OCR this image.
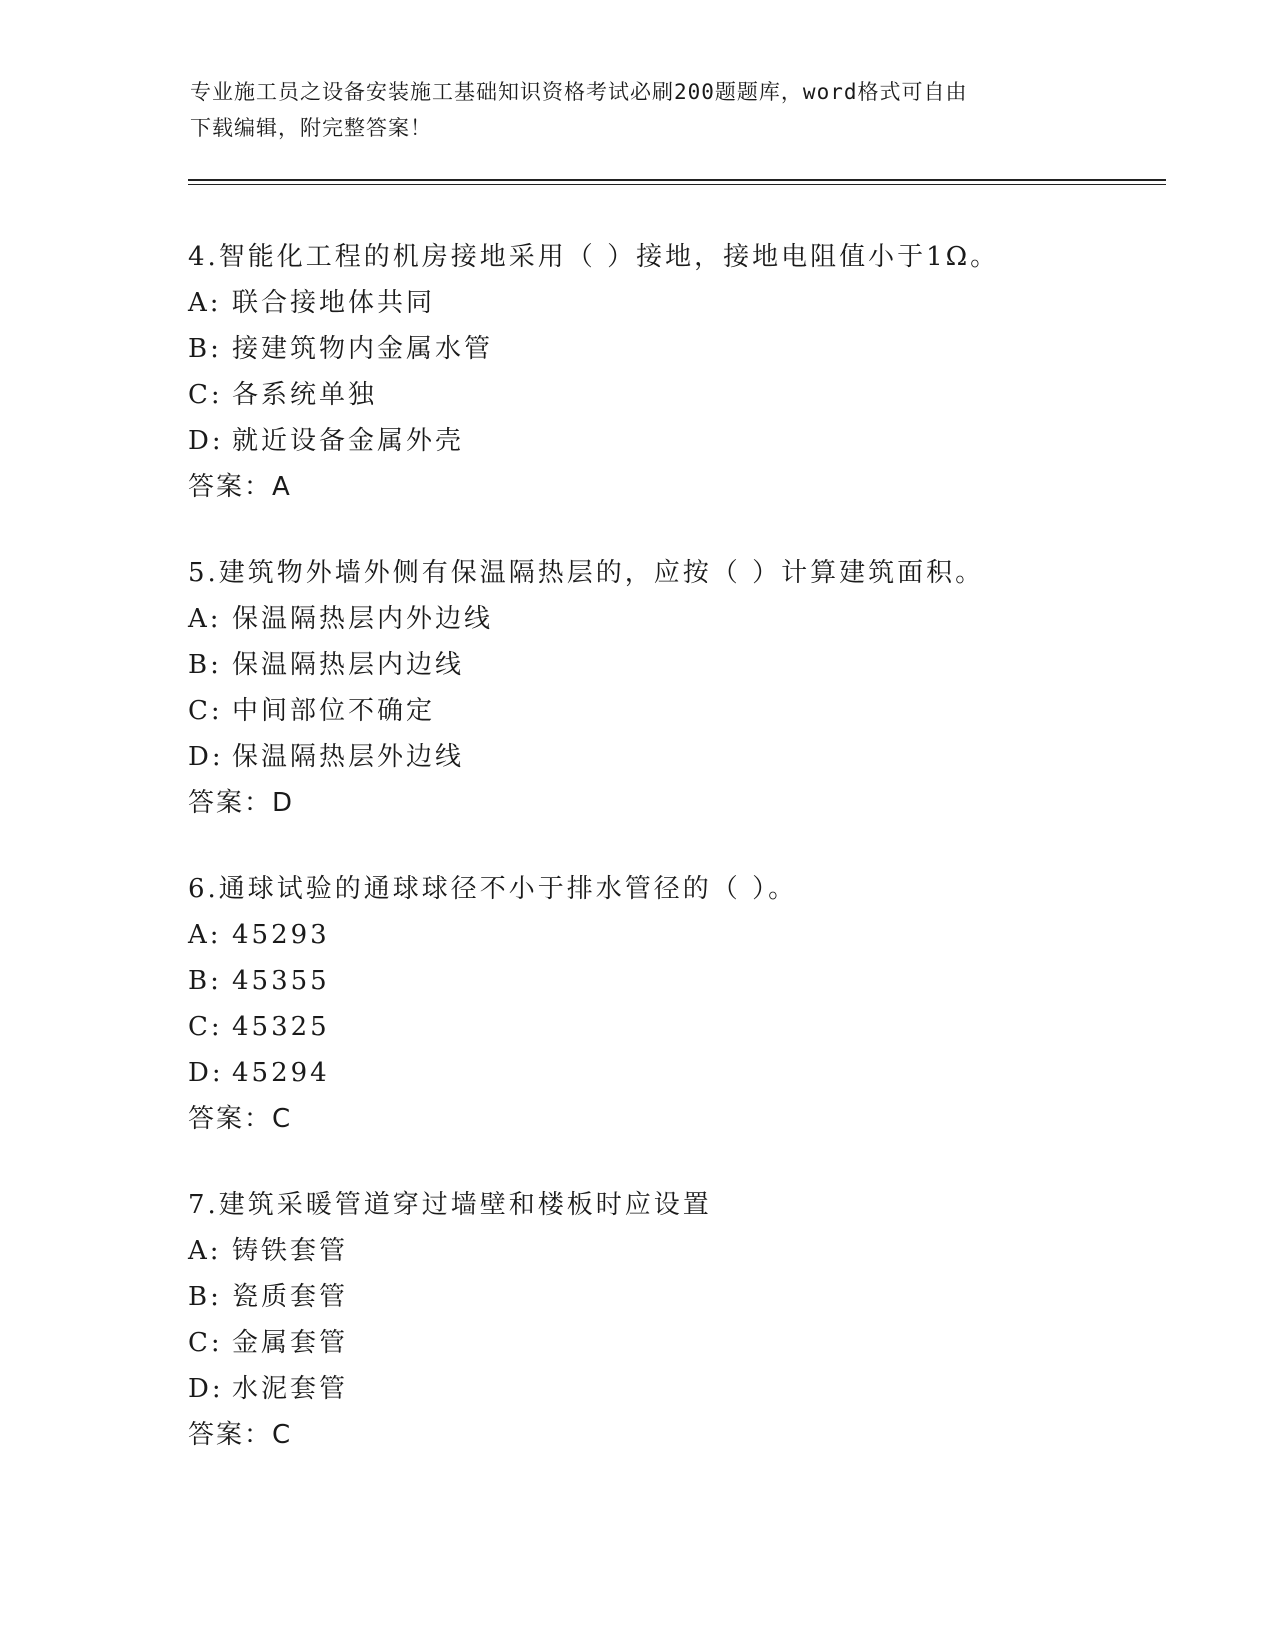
专业施工员之设备安装施工基础知识资格考试必刷200题题库，word格式可自由
下载编辑，附完整答案！
4.智能化工程的机房接地采用（ ）接地，接地电阻值小于1Ω。
A: 联合接地体共同
B: 接建筑物内金属水管
C: 各系统单独
D: 就近设备金属外壳
答案：A
5.建筑物外墙外侧有保温隔热层的，应按（ ）计算建筑面积。
A: 保温隔热层内外边线
B: 保温隔热层内边线
C: 中间部位不确定
D: 保温隔热层外边线
答案：D
6.通球试验的通球球径不小于排水管径的（ ）。
A: 45293
B: 45355
C: 45325
D: 45294
答案：C
7.建筑采暖管道穿过墙壁和楼板时应设置
A: 铸铁套管
B: 瓷质套管
C: 金属套管
D: 水泥套管
答案：C
